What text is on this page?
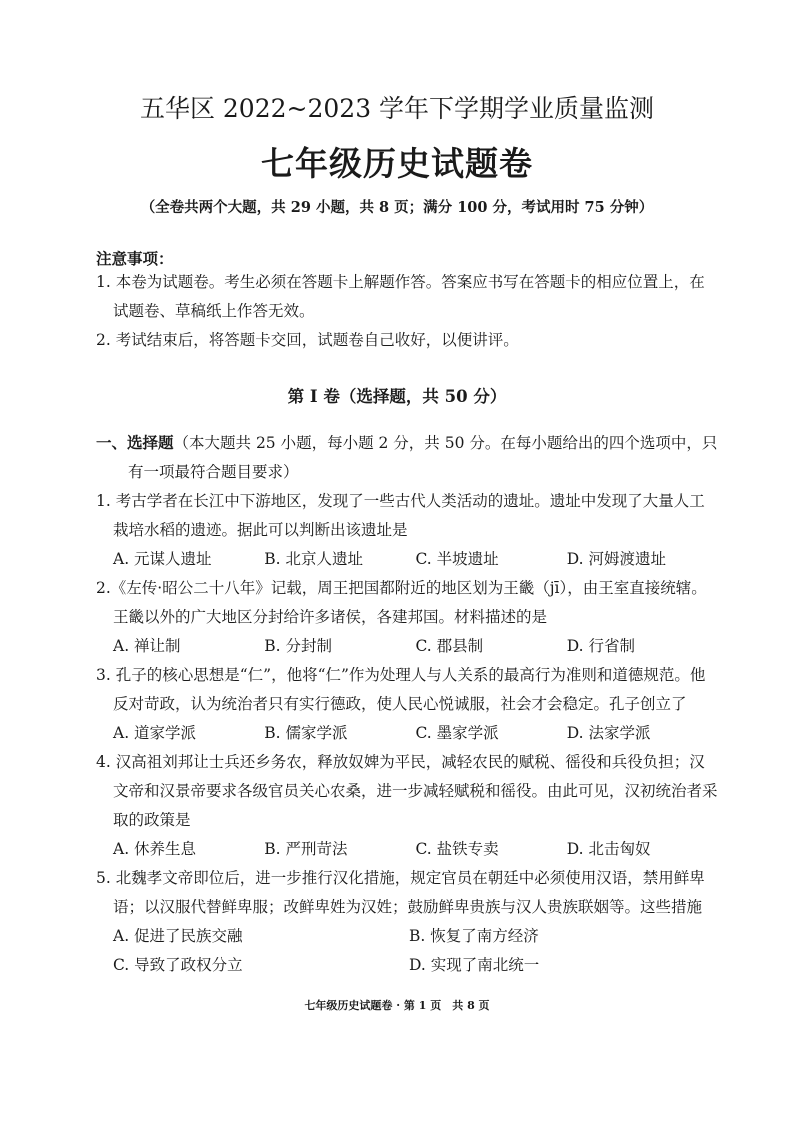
五华区 2022~2023 学年下学期学业质量监测
七年级历史试题卷
（全卷共两个大题，共 29 小题，共 8 页；满分 100 分，考试用时 75 分钟）
注意事项：
1. 本卷为试题卷。考生必须在答题卡上解题作答。答案应书写在答题卡的相应位置上，在试题卷、草稿纸上作答无效。
2. 考试结束后，将答题卡交回，试题卷自己收好，以便讲评。
第 I 卷（选择题，共 50 分）
一、选择题（本大题共 25 小题，每小题 2 分，共 50 分。在每小题给出的四个选项中，只有一项最符合题目要求）
1. 考古学者在长江中下游地区，发现了一些古代人类活动的遗址。遗址中发现了大量人工栽培水稻的遗迹。据此可以判断出该遗址是
A. 元谋人遗址	B. 北京人遗址	C. 半坡遗址	D. 河姆渡遗址
2.《左传·昭公二十八年》记载，周王把国都附近的地区划为王畿（jī），由王室直接统辖。王畿以外的广大地区分封给许多诸侯，各建邦国。材料描述的是
A. 禅让制	B. 分封制	C. 郡县制	D. 行省制
3. 孔子的核心思想是“仁”，他将“仁”作为处理人与人关系的最高行为准则和道德规范。他反对苛政，认为统治者只有实行德政，使人民心悦诚服，社会才会稳定。孔子创立了
A. 道家学派	B. 儒家学派	C. 墨家学派	D. 法家学派
4. 汉高祖刘邦让士兵还乡务农，释放奴婢为平民，减轻农民的赋税、徭役和兵役负担；汉文帝和汉景帝要求各级官员关心农桑，进一步减轻赋税和徭役。由此可见，汉初统治者采取的政策是
A. 休养生息	B. 严刑苛法	C. 盐铁专卖	D. 北击匈奴
5. 北魏孝文帝即位后，进一步推行汉化措施，规定官员在朝廷中必须使用汉语，禁用鲜卑语；以汉服代替鲜卑服；改鲜卑姓为汉姓；鼓励鲜卑贵族与汉人贵族联姻等。这些措施
A. 促进了民族交融	B. 恢复了南方经济
C. 导致了政权分立	D. 实现了南北统一
七年级历史试题卷 · 第 1 页　共 8 页
